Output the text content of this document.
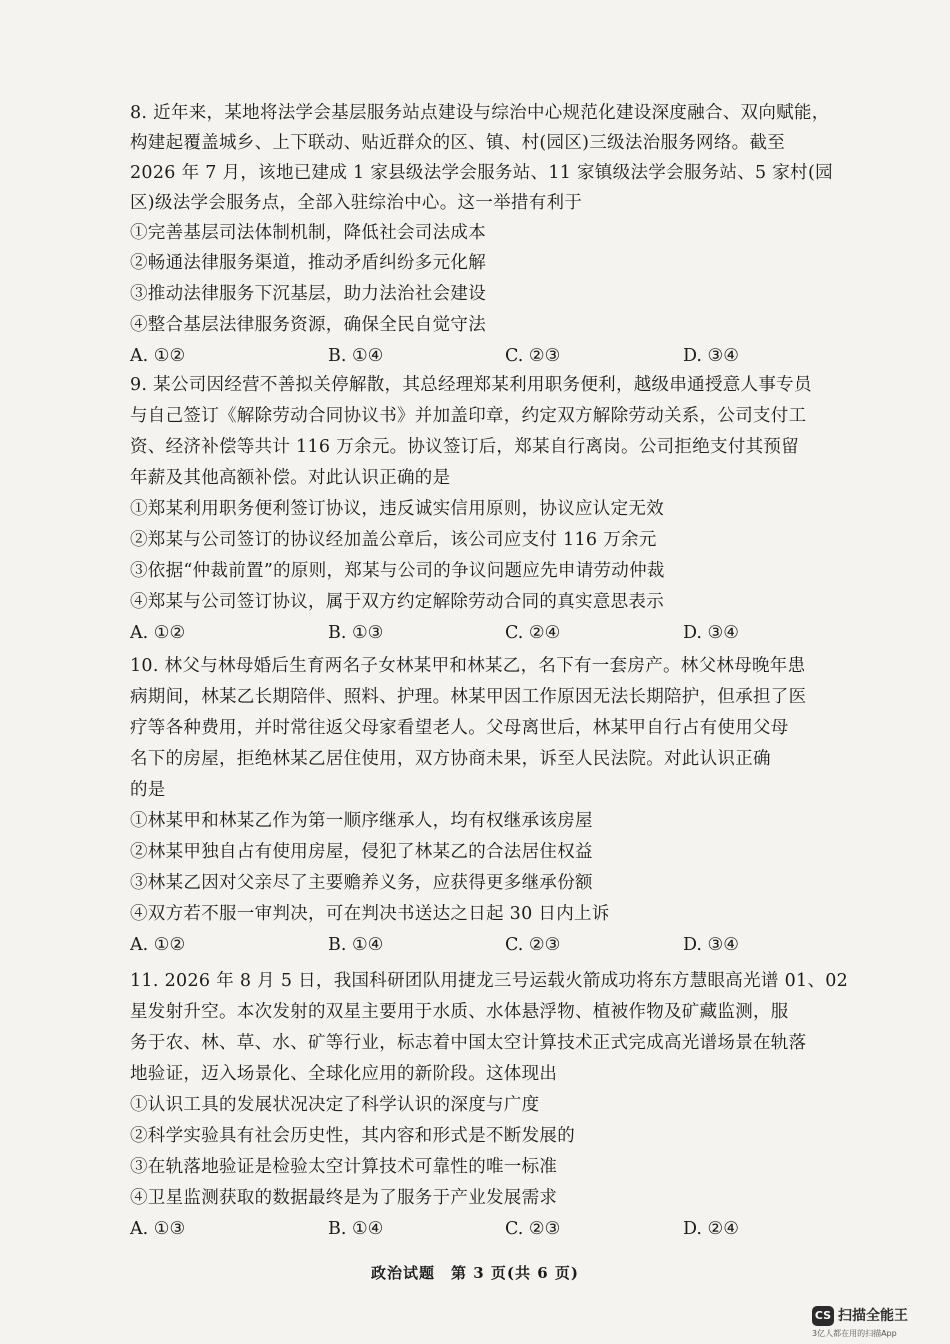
8. 近年来，某地将法学会基层服务站点建设与综治中心规范化建设深度融合、双向赋能，
构建起覆盖城乡、上下联动、贴近群众的区、镇、村(园区)三级法治服务网络。截至
2026 年 7 月，该地已建成 1 家县级法学会服务站、11 家镇级法学会服务站、5 家村(园
区)级法学会服务点，全部入驻综治中心。这一举措有利于
①完善基层司法体制机制，降低社会司法成本
②畅通法律服务渠道，推动矛盾纠纷多元化解
③推动法律服务下沉基层，助力法治社会建设
④整合基层法律服务资源，确保全民自觉守法
A. ①②	B. ①④	C. ②③	D. ③④
9. 某公司因经营不善拟关停解散，其总经理郑某利用职务便利，越级串通授意人事专员
与自己签订《解除劳动合同协议书》并加盖印章，约定双方解除劳动关系，公司支付工
资、经济补偿等共计 116 万余元。协议签订后，郑某自行离岗。公司拒绝支付其预留
年薪及其他高额补偿。对此认识正确的是
①郑某利用职务便利签订协议，违反诚实信用原则，协议应认定无效
②郑某与公司签订的协议经加盖公章后，该公司应支付 116 万余元
③依据“仲裁前置”的原则，郑某与公司的争议问题应先申请劳动仲裁
④郑某与公司签订协议，属于双方约定解除劳动合同的真实意思表示
A. ①②	B. ①③	C. ②④	D. ③④
10. 林父与林母婚后生育两名子女林某甲和林某乙，名下有一套房产。林父林母晚年患
病期间，林某乙长期陪伴、照料、护理。林某甲因工作原因无法长期陪护，但承担了医
疗等各种费用，并时常往返父母家看望老人。父母离世后，林某甲自行占有使用父母
名下的房屋，拒绝林某乙居住使用，双方协商未果，诉至人民法院。对此认识正确
的是
①林某甲和林某乙作为第一顺序继承人，均有权继承该房屋
②林某甲独自占有使用房屋，侵犯了林某乙的合法居住权益
③林某乙因对父亲尽了主要赡养义务，应获得更多继承份额
④双方若不服一审判决，可在判决书送达之日起 30 日内上诉
A. ①②	B. ①④	C. ②③	D. ③④
11. 2026 年 8 月 5 日，我国科研团队用捷龙三号运载火箭成功将东方慧眼高光谱 01、02
星发射升空。本次发射的双星主要用于水质、水体悬浮物、植被作物及矿藏监测，服
务于农、林、草、水、矿等行业，标志着中国太空计算技术正式完成高光谱场景在轨落
地验证，迈入场景化、全球化应用的新阶段。这体现出
①认识工具的发展状况决定了科学认识的深度与广度
②科学实验具有社会历史性，其内容和形式是不断发展的
③在轨落地验证是检验太空计算技术可靠性的唯一标准
④卫星监测获取的数据最终是为了服务于产业发展需求
A. ①③	B. ①④	C. ②③	D. ②④
政治试题　第 3 页(共 6 页)
CS 扫描全能王
3亿人都在用的扫描App
